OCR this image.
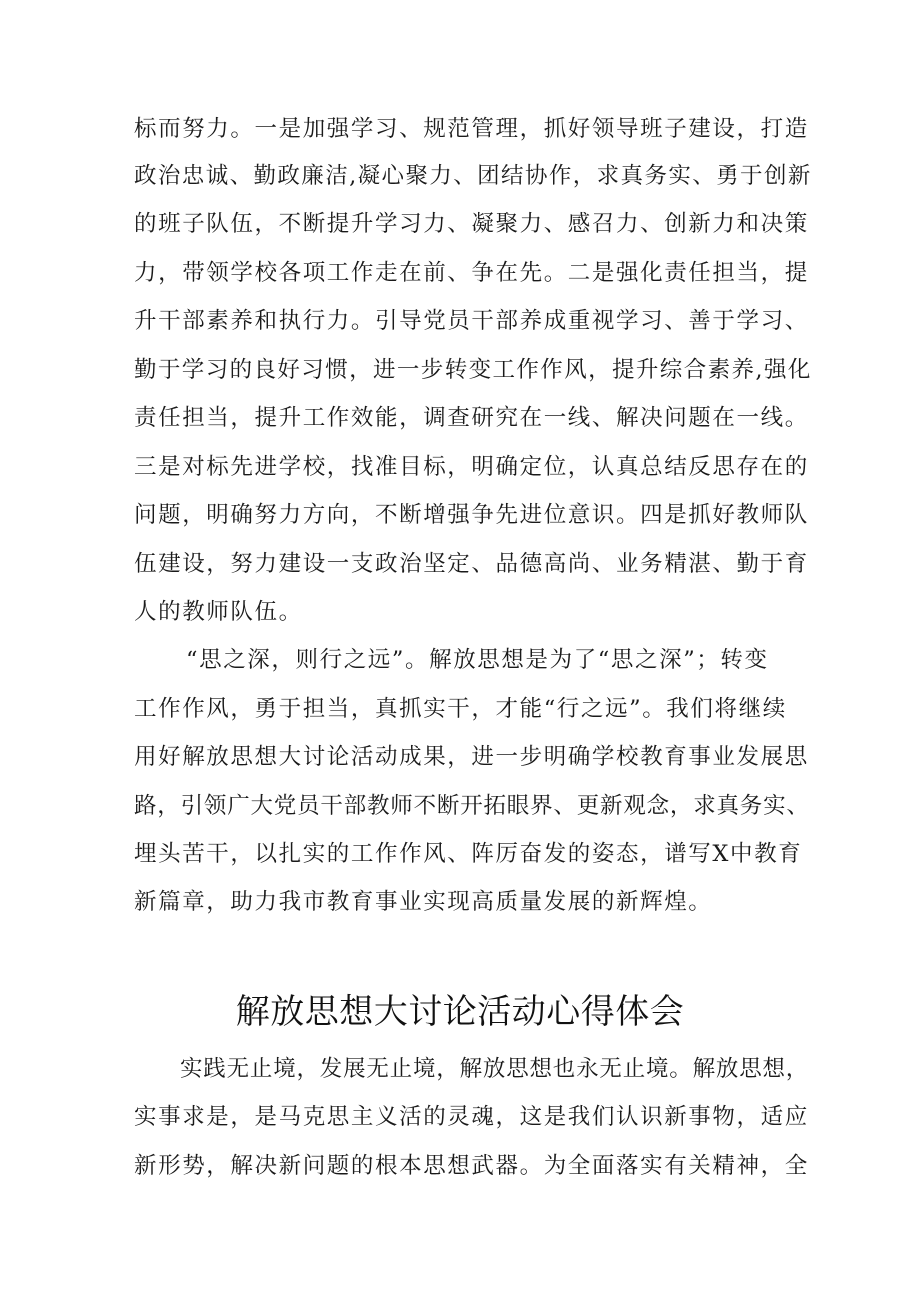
标而努力。一是加强学习、规范管理，抓好领导班子建设，打造

政治忠诚、勤政廉洁,凝心聚力、团结协作，求真务实、勇于创新

的班子队伍，不断提升学习力、凝聚力、感召力、创新力和决策

力，带领学校各项工作走在前、争在先。二是强化责任担当，提

升干部素养和执行力。引导党员干部养成重视学习、善于学习、

勤于学习的良好习惯，进一步转变工作作风，提升综合素养,强化

责任担当，提升工作效能，调查研究在一线、解决问题在一线。

三是对标先进学校，找准目标，明确定位，认真总结反思存在的

问题，明确努力方向，不断增强争先进位意识。四是抓好教师队

伍建设，努力建设一支政治坚定、品德高尚、业务精湛、勤于育

人的教师队伍。

“思之深，则行之远”。解放思想是为了“思之深”；转变

工作作风，勇于担当，真抓实干，才能“行之远”。我们将继续

用好解放思想大讨论活动成果，进一步明确学校教育事业发展思

路，引领广大党员干部教师不断开拓眼界、更新观念，求真务实、

埋头苦干，以扎实的工作作风、阵厉奋发的姿态，谱写X中教育

新篇章，助力我市教育事业实现高质量发展的新辉煌。

解放思想大讨论活动心得体会

实践无止境，发展无止境，解放思想也永无止境。解放思想，

实事求是，是马克思主义活的灵魂，这是我们认识新事物，适应

新形势，解决新问题的根本思想武器。为全面落实有关精神，全
